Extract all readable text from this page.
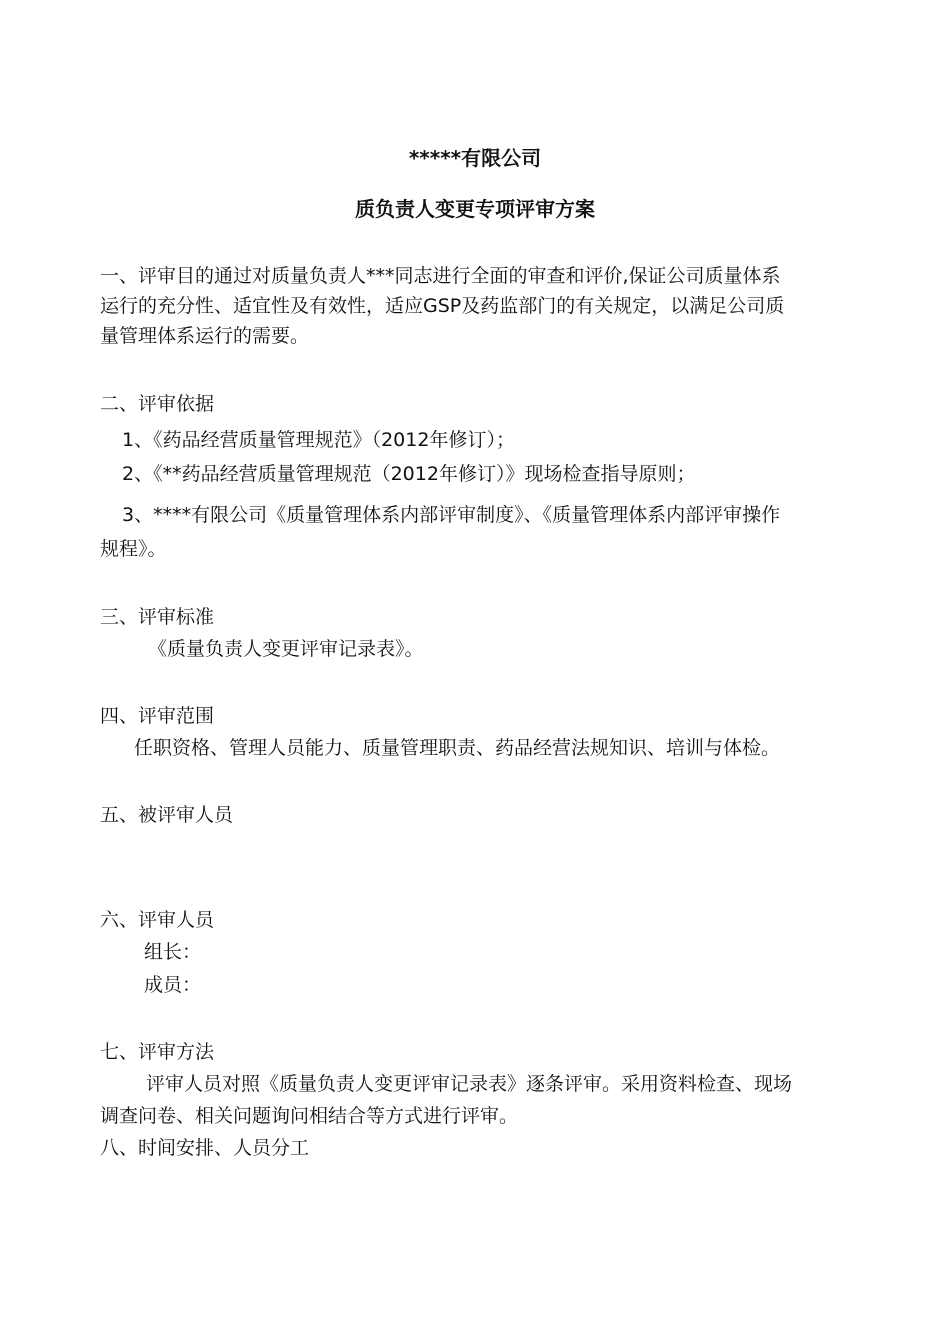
*****有限公司
质负责人变更专项评审方案
一、评审目的通过对质量负责人***同志进行全面的审查和评价,保证公司质量体系
运行的充分性、适宜性及有效性，适应GSP及药监部门的有关规定，以满足公司质
量管理体系运行的需要。
二、评审依据
1、《药品经营质量管理规范》（2012年修订）；
2、《**药品经营质量管理规范（2012年修订）》现场检查指导原则；
3、****有限公司《质量管理体系内部评审制度》、《质量管理体系内部评审操作
规程》。
三、评审标准
《质量负责人变更评审记录表》。
四、评审范围
任职资格、管理人员能力、质量管理职责、药品经营法规知识、培训与体检。
五、被评审人员
六、评审人员
组长：
成员：
七、评审方法
评审人员对照《质量负责人变更评审记录表》逐条评审。采用资料检查、现场
调查问卷、相关问题询问相结合等方式进行评审。
八、时间安排、人员分工
